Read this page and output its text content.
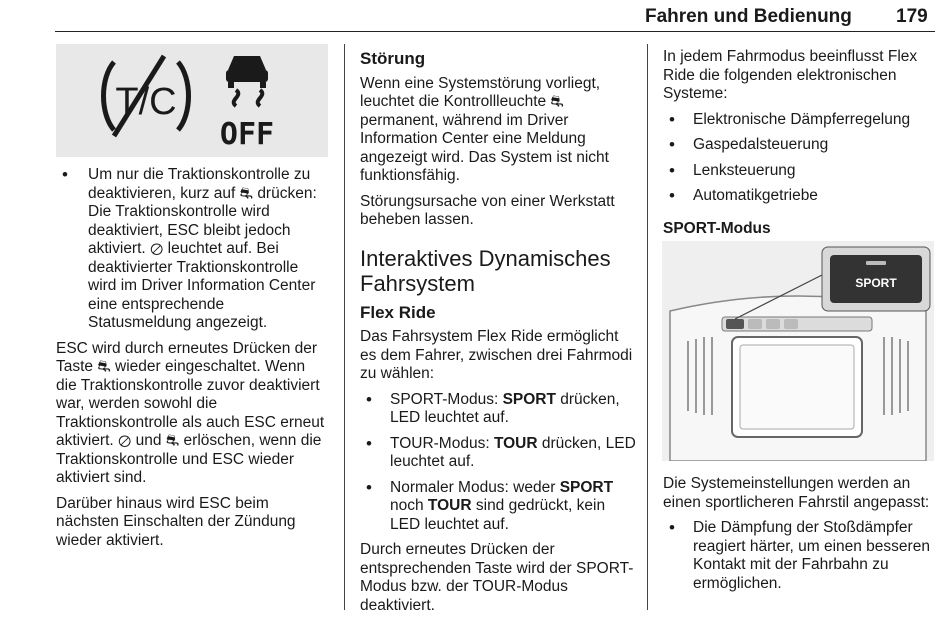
Fahren und Bedienung 179
T/C
OFF
• Um nur die Traktionskontrolle zu deaktivieren, kurz auf ⛐ drücken: Die Traktionskontrolle wird deaktiviert, ESC bleibt jedoch aktiviert. ⊘ leuchtet auf. Bei deaktivierter Traktionskontrolle wird im Driver Information Center eine entsprechende Statusmeldung angezeigt.

ESC wird durch erneutes Drücken der Taste ⛐ wieder eingeschaltet. Wenn die Traktionskontrolle zuvor deaktiviert war, werden sowohl die Traktionskontrolle als auch ESC erneut aktiviert. ⊘ und ⛐ erlöschen, wenn die Traktionskontrolle und ESC wieder aktiviert sind.

Darüber hinaus wird ESC beim nächsten Einschalten der Zündung wieder aktiviert.

Störung

Wenn eine Systemstörung vorliegt, leuchtet die Kontrollleuchte ⛐ permanent, während im Driver Information Center eine Meldung angezeigt wird. Das System ist nicht funktionsfähig.

Störungsursache von einer Werkstatt beheben lassen.

Interaktives Dynamisches Fahrsystem
Flex Ride

Das Fahrsystem Flex Ride ermöglicht es dem Fahrer, zwischen drei Fahrmodi zu wählen:

• SPORT-Modus: SPORT drücken, LED leuchtet auf.
• TOUR-Modus: TOUR drücken, LED leuchtet auf.
• Normaler Modus: weder SPORT noch TOUR sind gedrückt, kein LED leuchtet auf.

Durch erneutes Drücken der entsprechenden Taste wird der SPORT-Modus bzw. der TOUR-Modus deaktiviert.

In jedem Fahrmodus beeinflusst Flex Ride die folgenden elektronischen Systeme:

• Elektronische Dämpferregelung
• Gaspedalsteuerung
• Lenksteuerung
• Automatikgetriebe
SPORT-Modus
SPORT

Die Systemeinstellungen werden an einen sportlicheren Fahrstil angepasst:

• Die Dämpfung der Stoßdämpfer reagiert härter, um einen besseren Kontakt mit der Fahrbahn zu ermöglichen.
